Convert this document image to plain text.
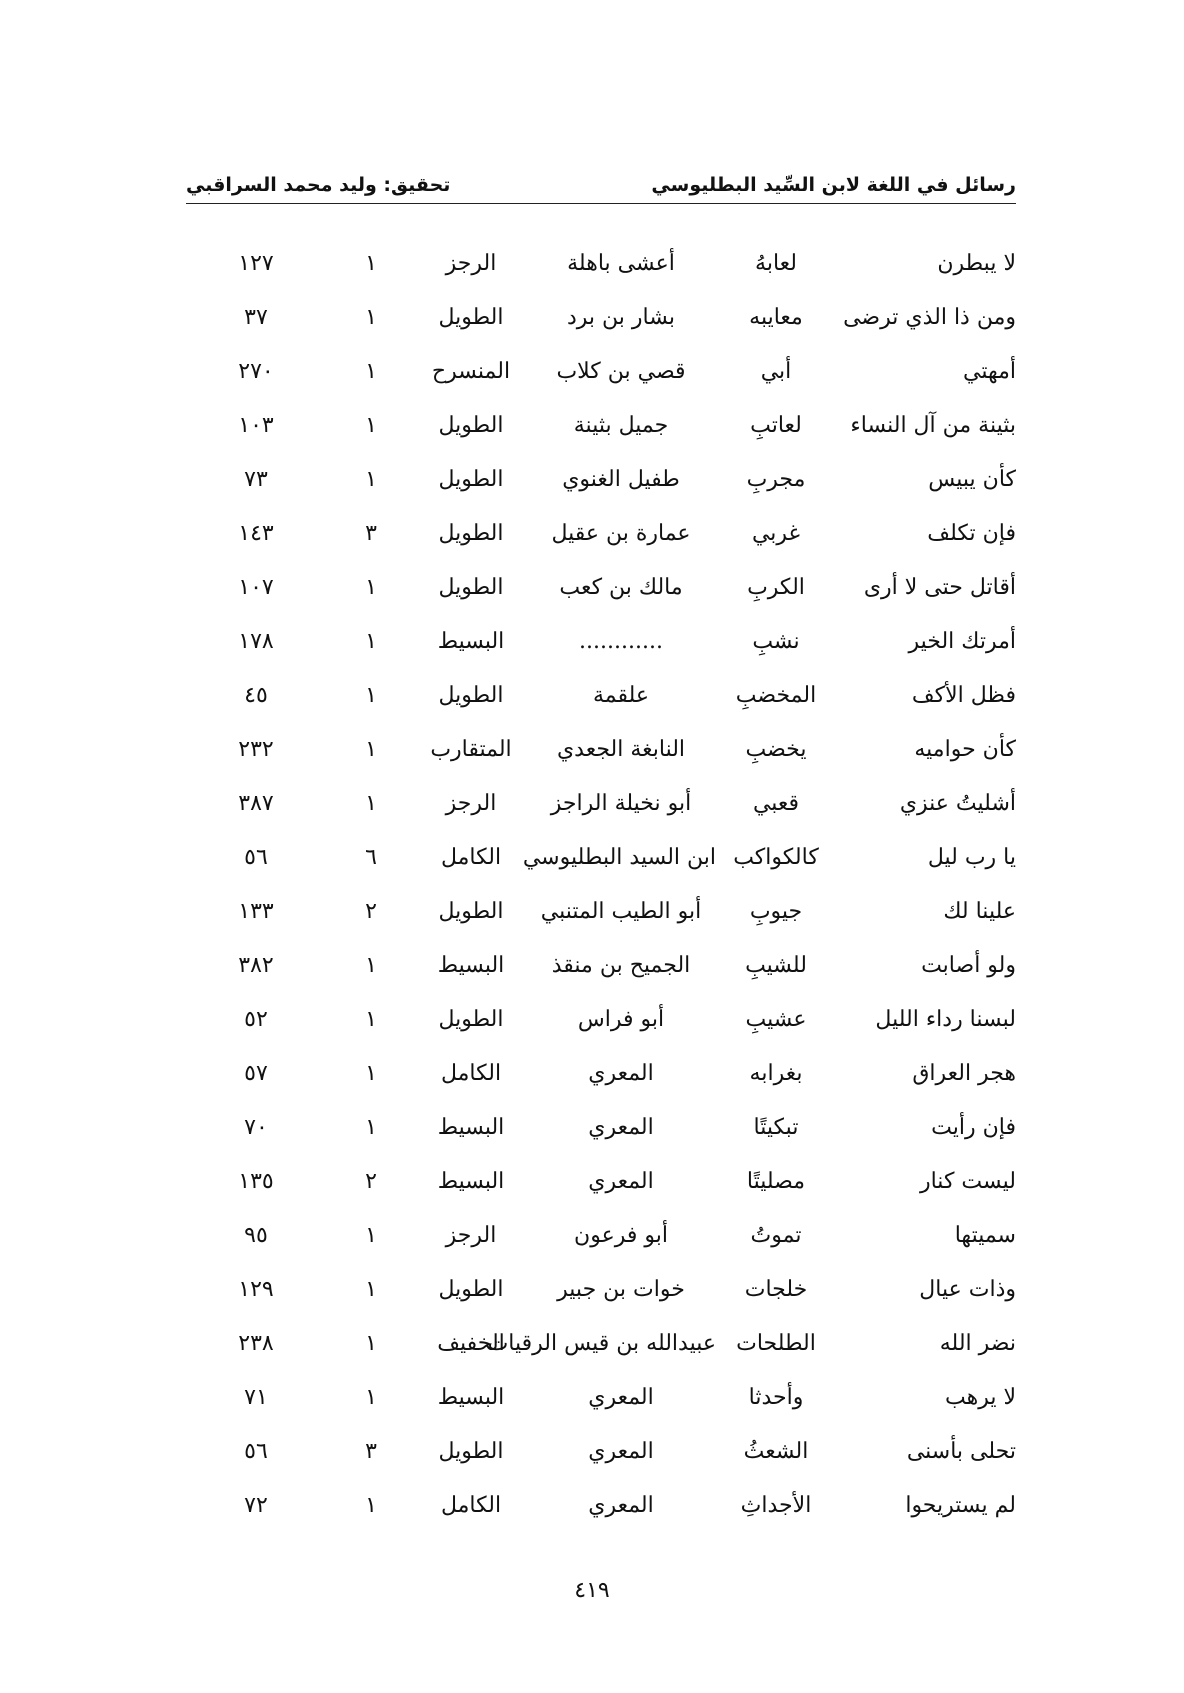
رسائل في اللغة لابن السِّيد البطليوسي
تحقيق: وليد محمد السراقبي
لا يبطرن
لعابهُ
أعشى باهلة
الرجز
١
١٢٧
ومن ذا الذي ترضى
معايبه
بشار بن برد
الطويل
١
٣٧
أمهتي
أبي
قصي بن كلاب
المنسرح
١
٢٧٠
بثينة من آل النساء
لعاتبِ
جميل بثينة
الطويل
١
١٠٣
كأن يبيس
مجربِ
طفيل الغنوي
الطويل
١
٧٣
فإن تكلف
غربي
عمارة بن عقيل
الطويل
٣
١٤٣
أقاتل حتى لا أرى
الكربِ
مالك بن كعب
الطويل
١
١٠٧
أمرتك الخير
نشبِ
............
البسيط
١
١٧٨
فظل الأكف
المخضبِ
علقمة
الطويل
١
٤٥
كأن حواميه
يخضبِ
النابغة الجعدي
المتقارب
١
٢٣٢
أشليتُ عنزي
قعبي
أبو نخيلة الراجز
الرجز
١
٣٨٧
يا رب ليل
كالكواكب
ابن السيد البطليوسي
الكامل
٦
٥٦
علينا لك
جيوبِ
أبو الطيب المتنبي
الطويل
٢
١٣٣
ولو أصابت
للشيبِ
الجميح بن منقذ
البسيط
١
٣٨٢
لبسنا رداء الليل
عشيبِ
أبو فراس
الطويل
١
٥٢
هجر العراق
بغرابه
المعري
الكامل
١
٥٧
فإن رأيت
تبكيتًا
المعري
البسيط
١
٧٠
ليست كنار
مصليتًا
المعري
البسيط
٢
١٣٥
سميتها
تموتُ
أبو فرعون
الرجز
١
٩٥
وذات عيال
خلجات
خوات بن جبير
الطويل
١
١٢٩
نضر الله
الطلحات
عبيدالله بن قيس الرقيات
الخفيف
١
٢٣٨
لا يرهب
وأحدثا
المعري
البسيط
١
٧١
تحلى بأسنى
الشعثُ
المعري
الطويل
٣
٥٦
لم يستريحوا
الأجداثِ
المعري
الكامل
١
٧٢
٤١٩
